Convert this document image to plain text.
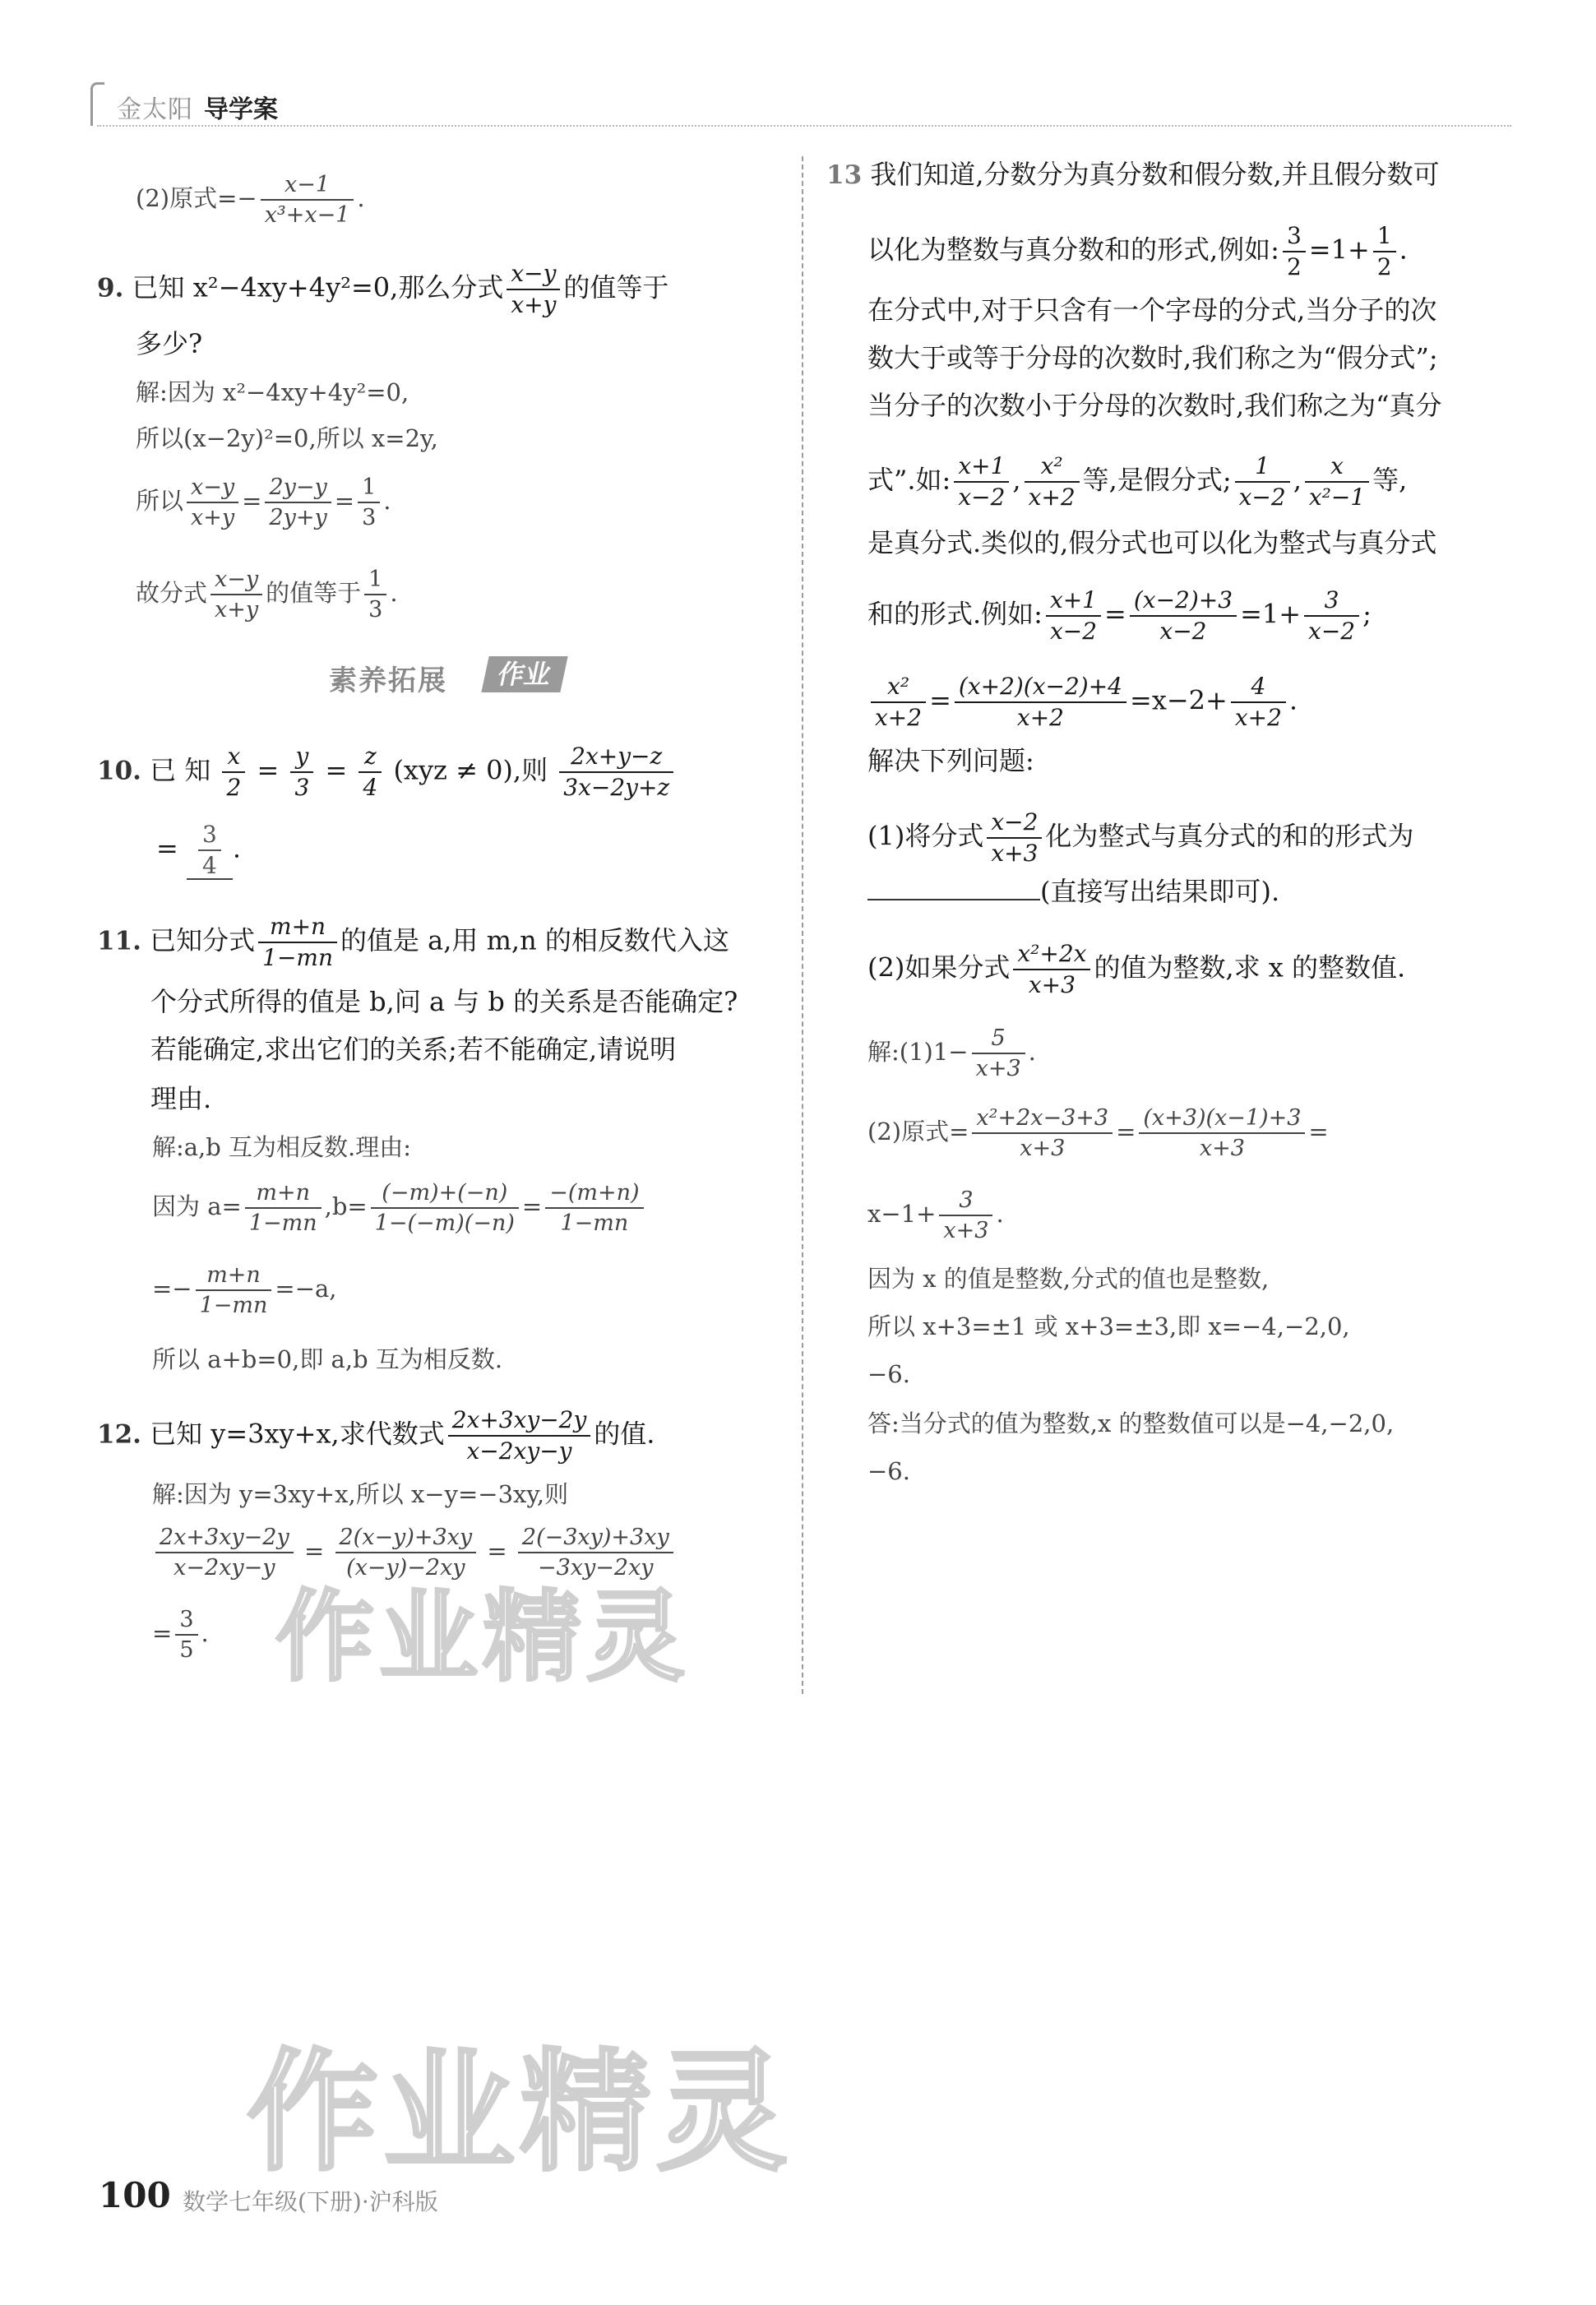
金太阳 导学案
(2)原式=− $\frac{x-1}{\text{x³+x−1}}$ .
9. 已知 x²−4xy+4y²=0,那么分式 $\frac{x-y}{x+y}$ 的值等于
多少?
解:因为 x²−4xy+4y²=0,
所以(x−2y)²=0,所以 x=2y,
所以 $\frac{x-y}{x+y} = \frac{2y-y}{2y+y} = \frac{1}{3}$ .
故分式 $\frac{x-y}{x+y}$ 的值等于 $\frac{1}{3}$ .
素养拓展	作业
10. 已 知 $\frac{x}{2} = \frac{y}{3} = \frac{z}{4} (xyz \ne 0)$,则 $\frac{2x+y-z}{3x-2y+z}$
= $\frac{3}{4}$ .
11. 已知分式 $\frac{m+n}{1-mn}$ 的值是 a,用 m,n 的相反数代入这
个分式所得的值是 b,问 a 与 b 的关系是否能确定?
若能确定,求出它们的关系;若不能确定,请说明
理由.
解:a,b 互为相反数.理由:
因为 $a= \frac{m+n}{1-mn} ,b= \frac{(-m)+(-n)}{1-(-m)(-n)} = \frac{-(m+n)}{1-mn}$
=− $\frac{m+n}{1-mn} =-a$,
所以 a+b=0,即 a,b 互为相反数.
12. 已知 y=3xy+x,求代数式 $\frac{2x+3xy-2y}{x-2xy-y}$ 的值.
解:因为 y=3xy+x,所以 x−y=−3xy,则
$\frac{2x+3xy-2y}{x-2xy-y} = \frac{2(x-y)+3xy}{(x-y)-2xy} = \frac{2(-3xy)+3xy}{-3xy-2xy}$
= $\frac{3}{5}$ . 作业精灵
13 我们知道,分数分为真分数和假分数,并且假分数可
以化为整数与真分数和的形式,例如: $\frac{3}{2} =1+ \frac{1}{2}$ .
在分式中,对于只含有一个字母的分式,当分子的次
数大于或等于分母的次数时,我们称之为“假分式”;
当分子的次数小于分母的次数时,我们称之为“真分
式”.如: $\frac{x+1}{x-2}$ , $\frac{\text{x²}}{x+2}$ 等,是假分式; $\frac{1}{x-2}$ , $\frac{x}{\text{x²−1}}$ 等,
是真分式.类似的,假分式也可以化为整式与真分式
和的形式.例如: $\frac{x+1}{x-2} = \frac{(x-2)+3}{x-2} =1+ \frac{3}{x-2}$ ;
$\frac{\text{x²}}{x+2} = \frac{(x+2)(x-2)+4}{x+2} =x-2+ \frac{4}{x+2}$ .
解决下列问题:
(1)将分式 $\frac{x-2}{x+3}$ 化为整式与真分式的和的形式为
(直接写出结果即可).
(2)如果分式 $\frac{\text{x²+2x}}{x+3}$ 的值为整数,求 x 的整数值.
解:(1)1− $\frac{5}{x+3}$ .
(2)原式= $\frac{\text{x²+2x−3+3}}{x+3} = \frac{(x+3)(x-1)+3}{x+3}$ =
$x-1+ \frac{3}{x+3}$ .
因为 x 的值是整数,分式的值也是整数,
所以 x+3=±1 或 x+3=±3,即 x=−4,−2,0,
−6.
答:当分式的值为整数,x 的整数值可以是−4,−2,0,
−6.
作业精灵
100 数学七年级(下册)·沪科版
